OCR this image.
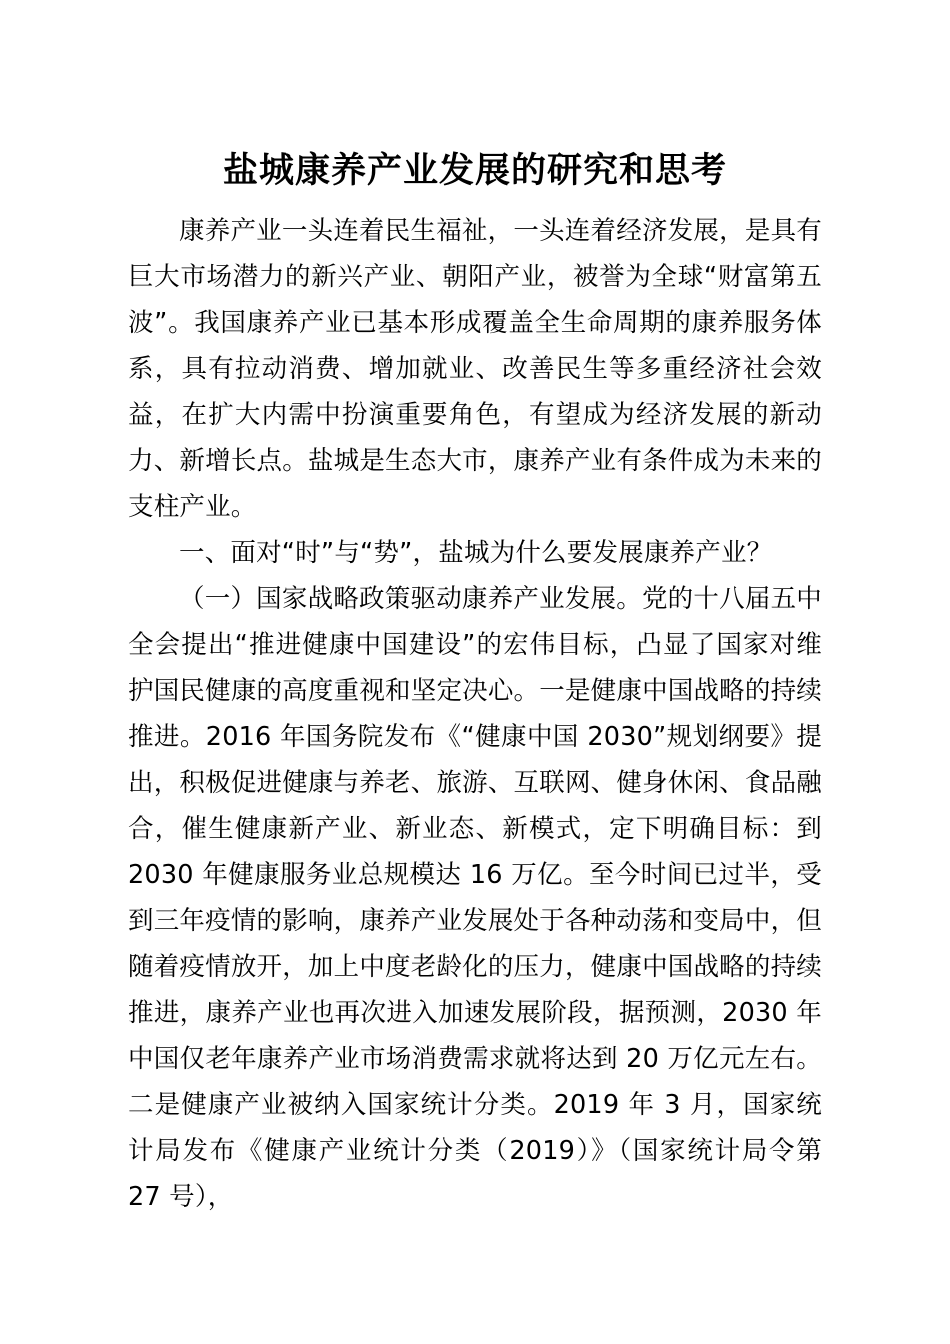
盐城康养产业发展的研究和思考

康养产业一头连着民生福祉，一头连着经济发展，是具有巨大市场潜力的新兴产业、朝阳产业，被誉为全球“财富第五波”。我国康养产业已基本形成覆盖全生命周期的康养服务体系，具有拉动消费、增加就业、改善民生等多重经济社会效益，在扩大内需中扮演重要角色，有望成为经济发展的新动力、新增长点。盐城是生态大市，康养产业有条件成为未来的支柱产业。

一、面对“时”与“势”，盐城为什么要发展康养产业？

（一）国家战略政策驱动康养产业发展。党的十八届五中全会提出“推进健康中国建设”的宏伟目标，凸显了国家对维护国民健康的高度重视和坚定决心。一是健康中国战略的持续推进。2016 年国务院发布《“健康中国 2030”规划纲要》提出，积极促进健康与养老、旅游、互联网、健身休闲、食品融合，催生健康新产业、新业态、新模式，定下明确目标：到 2030 年健康服务业总规模达 16 万亿。至今时间已过半，受到三年疫情的影响，康养产业发展处于各种动荡和变局中，但随着疫情放开，加上中度老龄化的压力，健康中国战略的持续推进，康养产业也再次进入加速发展阶段，据预测，2030 年中国仅老年康养产业市场消费需求就将达到 20 万亿元左右。二是健康产业被纳入国家统计分类。2019 年 3 月，国家统计局发布《健康产业统计分类（2019）》（国家统计局令第 27 号），
